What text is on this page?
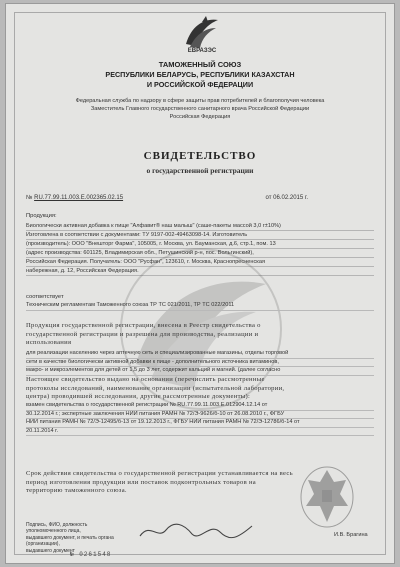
ЕВРАЗЭС
ТАМОЖЕННЫЙ СОЮЗ
РЕСПУБЛИКИ БЕЛАРУСЬ, РЕСПУБЛИКИ КАЗАХСТАН
И РОССИЙСКОЙ ФЕДЕРАЦИИ
Федеральная служба по надзору в сфере защиты прав потребителей и благополучия человека
Заместитель Главного государственного санитарного врача Российской Федерации
Российская Федерация
СВИДЕТЕЛЬСТВО
о государственной регистрации
№ RU.77.99.11.003.E.002365.02.15	от 06.02.2015 г.
Продукция:
Биологически активная добавка к пище "Алфавит® наш малыш" (саше-пакеты массой 3,0 г±10%)
Изготовлена в соответствии с документами: ТУ 9197-002-49463098-14. Изготовитель
(производитель): ООО "Внешторг Фарма", 105005, г. Москва, ул. Бауманская, д.6, стр.1, пом. 13
(адрес производства: 601125, Владимирская обл., Петушинский р-н, пос. Вольгинский),
Российская Федерация. Получатель: ООО "Русфан", 123610, г. Москва, Краснопресненская
набережная, д. 12, Российская Федерация.
соответствует
Техническим регламентам Таможенного союза ТР ТС 021/2011, ТР ТС 022/2011
Продукция государственной регистрации, внесена в Реестр свидетельства о
государственной регистрации и разрешена для производства, реализации и
использования
для реализации населению через аптечную сеть и специализированные магазины, отделы торговой
сети в качестве биологически активной добавки к пище - дополнительного источника витаминов,
макро- и микроэлементов для детей от 1,5 до 3 лет, содержит кальций и магний. (далее согласно
Настоящее свидетельство выдано на основании (перечислить рассмотренные
протоколы исследований, наименование организации (испытательной лаборатории,
центра) проводившей исследования, другие рассмотренные документы):
взамен свидетельства о государственной регистрации № RU.77.99.11.003.Е.012904.12.14 от
30.12.2014 г.; экспертные заключения НИИ питания РАМН № 72/Э-9626/б-10 от 26.08.2010 г., ФГБУ
НИИ питания РАМН № 72/Э-12495/б-13 от 19.12.2013 г., ФГБУ НИИ питания РАМН № 72/Э-12786/б-14 от
20.11.2014 г.
Срок действия свидетельства о государственной регистрации устанавливается на весь
период изготовления продукции или поставок подконтрольных товаров на
территорию таможенного союза.
Подпись, ФИО, должность уполномоченного лица,
выдавшего документ, и печать органа (организации),
выдавшего документ
И.В. Брагина
№ 0261548
